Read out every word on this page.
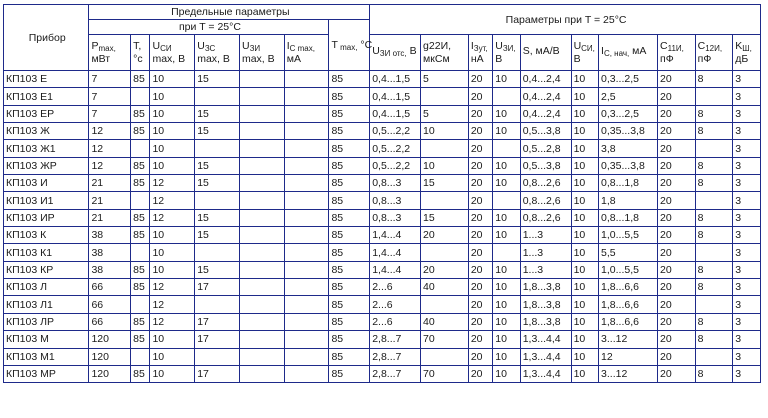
Прибор	Предельные параметры							Параметры при T = 25°C									
	при T = 25°C						T $_{max,}$ °C										
	$P_{max,}$ мВт	T, °c	$U_{СИ}$ max, В	$U_{ЗС}$ max, В	$U_{ЗИ}$ max, В	$I_{С max,}$ мА		$U_{ЗИ отс,}$ В	g22И, мкСм	$I_{Зут,}$ нА	$U_{ЗИ,}$ В	S, мА/В	$U_{СИ,}$ В	$I_{С, нач,}$ мА	$C_{11И,}$ пФ	$C_{12И,}$ пФ	$K_{Ш,}$ дБ
КП103 Е	7	85	10	15			85	0,4...1,5	5	20	10	0,4...2,4	10	0,3...2,5	20	8	3
КП103 Е1	7		10				85	0,4...1,5		20		0,4...2,4	10	2,5	20		3
КП103 ЕР	7	85	10	15			85	0,4...1,5	5	20	10	0,4...2,4	10	0,3...2,5	20	8	3
КП103 Ж	12	85	10	15			85	0,5...2,2	10	20	10	0,5...3,8	10	0,35...3,8	20	8	3
КП103 Ж1	12		10				85	0,5...2,2		20		0,5...2,8	10	3,8	20		3
КП103 ЖР	12	85	10	15			85	0,5...2,2	10	20	10	0,5...3,8	10	0,35...3,8	20	8	3
КП103 И	21	85	12	15			85	0,8...3	15	20	10	0,8...2,6	10	0,8...1,8	20	8	3
КП103 И1	21		12				85	0,8...3		20		0,8...2,6	10	1,8	20		3
КП103 ИР	21	85	12	15			85	0,8...3	15	20	10	0,8...2,6	10	0,8...1,8	20	8	3
КП103 К	38	85	10	15			85	1,4...4	20	20	10	1...3	10	1,0...5,5	20	8	3
КП103 К1	38		10				85	1,4...4		20		1...3	10	5,5	20		3
КП103 КР	38	85	10	15			85	1,4...4	20	20	10	1...3	10	1,0...5,5	20	8	3
КП103 Л	66	85	12	17			85	2...6	40	20	10	1,8...3,8	10	1,8...6,6	20	8	3
КП103 Л1	66		12				85	2...6		20	10	1,8...3,8	10	1,8...6,6	20		3
КП103 ЛР	66	85	12	17			85	2...6	40	20	10	1,8...3,8	10	1,8...6,6	20	8	3
КП103 М	120	85	10	17			85	2,8...7	70	20	10	1,3...4,4	10	3...12	20	8	3
КП103 М1	120		10				85	2,8...7		20	10	1,3...4,4	10	12	20		3
КП103 МР	120	85	10	17			85	2,8...7	70	20	10	1,3...4,4	10	3...12	20	8	3
